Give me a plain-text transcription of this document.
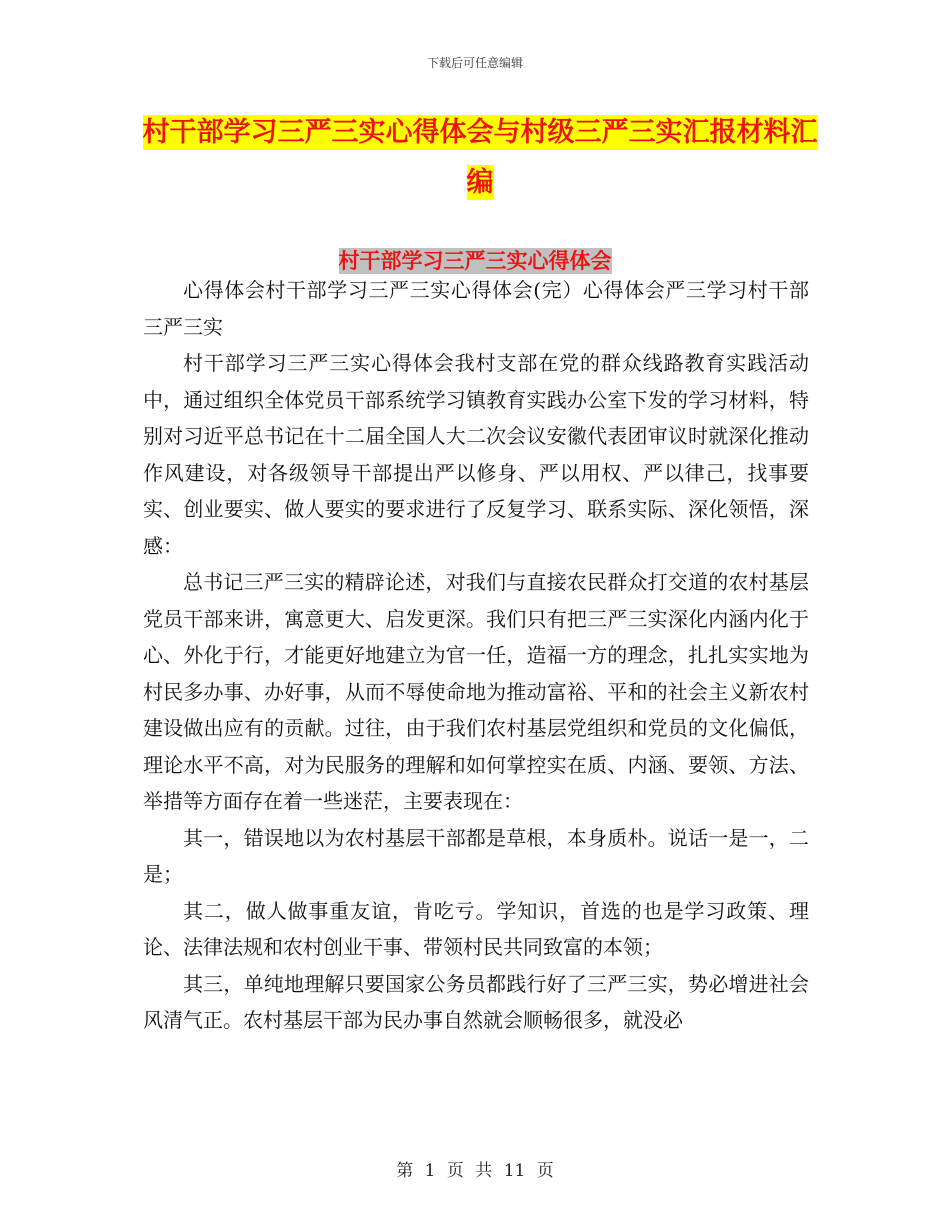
下载后可任意编辑
村干部学习三严三实心得体会与村级三严三实汇报材料汇编
村干部学习三严三实心得体会

心得体会村干部学习三严三实心得体会(完）心得体会严三学习村干部三严三实

村干部学习三严三实心得体会我村支部在党的群众线路教育实践活动中，通过组织全体党员干部系统学习镇教育实践办公室下发的学习材料，特别对习近平总书记在十二届全国人大二次会议安徽代表团审议时就深化推动作风建设，对各级领导干部提出严以修身、严以用权、严以律己，找事要实、创业要实、做人要实的要求进行了反复学习、联系实际、深化领悟，深感：

总书记三严三实的精辟论述，对我们与直接农民群众打交道的农村基层党员干部来讲，寓意更大、启发更深。我们只有把三严三实深化内涵内化于心、外化于行，才能更好地建立为官一任，造福一方的理念，扎扎实实地为村民多办事、办好事，从而不辱使命地为推动富裕、平和的社会主义新农村建设做出应有的贡献。过往，由于我们农村基层党组织和党员的文化偏低，理论水平不高，对为民服务的理解和如何掌控实在质、内涵、要领、方法、举措等方面存在着一些迷茫，主要表现在：

其一，错误地以为农村基层干部都是草根，本身质朴。说话一是一，二是；

其二，做人做事重友谊，肯吃亏。学知识，首选的也是学习政策、理论、法律法规和农村创业干事、带领村民共同致富的本领；

其三，单纯地理解只要国家公务员都践行好了三严三实，势必增进社会风清气正。农村基层干部为民办事自然就会顺畅很多，就没必

第 1 页 共 11 页
